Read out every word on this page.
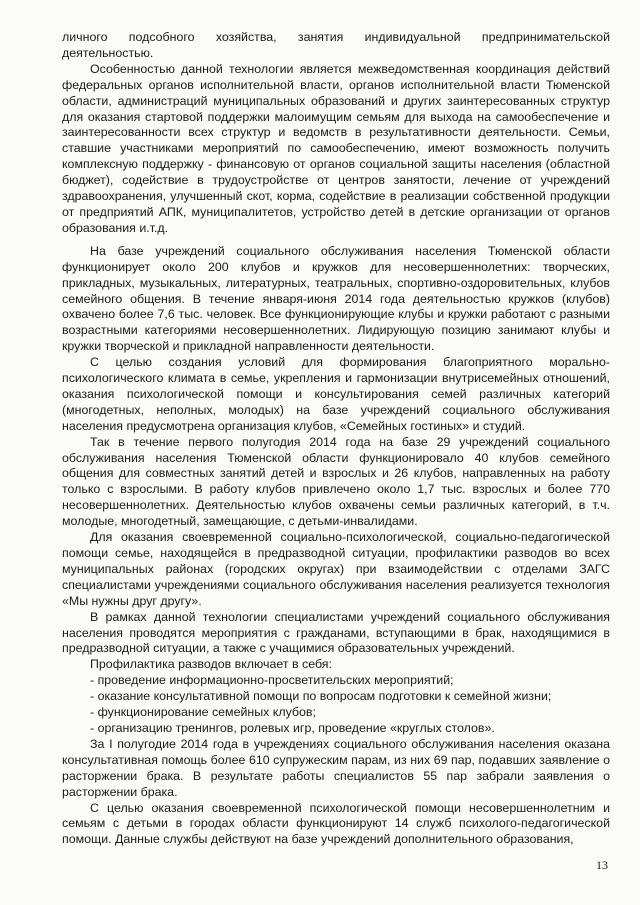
личного подсобного хозяйства, занятия индивидуальной предпринимательской деятельностью.

Особенностью данной технологии является межведомственная координация действий федеральных органов исполнительной власти, органов исполнительной власти Тюменской области, администраций муниципальных образований и других заинтересованных структур для оказания стартовой поддержки малоимущим семьям для выхода на самообеспечение и заинтересованности всех структур и ведомств в результативности деятельности. Семьи, ставшие участниками мероприятий по самообеспечению, имеют возможность получить комплексную поддержку - финансовую от органов социальной защиты населения (областной бюджет), содействие в трудоустройстве от центров занятости, лечение от учреждений здравоохранения, улучшенный скот, корма, содействие в реализации собственной продукции от предприятий АПК, муниципалитетов, устройство детей в детские организации от органов образования и.т.д.

На базе учреждений социального обслуживания населения Тюменской области функционирует около 200 клубов и кружков для несовершеннолетних: творческих, прикладных, музыкальных, литературных, театральных, спортивно-оздоровительных, клубов семейного общения. В течение января-июня 2014 года деятельностью кружков (клубов) охвачено более 7,6 тыс. человек. Все функционирующие клубы и кружки работают с разными возрастными категориями несовершеннолетних. Лидирующую позицию занимают клубы и кружки творческой и прикладной направленности деятельности.

С целью создания условий для формирования благоприятного морально-психологического климата в семье, укрепления и гармонизации внутрисемейных отношений, оказания психологической помощи и консультирования семей различных категорий (многодетных, неполных, молодых) на базе учреждений социального обслуживания населения предусмотрена организация клубов, «Семейных гостиных» и студий.

Так в течение первого полугодия 2014 года на базе 29 учреждений социального обслуживания населения Тюменской области функционировало 40 клубов семейного общения для совместных занятий детей и взрослых и 26 клубов, направленных на работу только с взрослыми. В работу клубов привлечено около 1,7 тыс. взрослых и более 770 несовершеннолетних. Деятельностью клубов охвачены семьи различных категорий, в т.ч. молодые, многодетный, замещающие, с детьми-инвалидами.

Для оказания своевременной социально-психологической, социально-педагогической помощи семье, находящейся в предразводной ситуации, профилактики разводов во всех муниципальных районах (городских округах) при взаимодействии с отделами ЗАГС специалистами учреждениями социального обслуживания населения реализуется технология «Мы нужны друг другу».

В рамках данной технологии специалистами учреждений социального обслуживания населения проводятся мероприятия с гражданами, вступающими в брак, находящимися в предразводной ситуации, а также с учащимися образовательных учреждений.

Профилактика разводов включает в себя:

- проведение информационно-просветительских мероприятий;

- оказание консультативной помощи по вопросам подготовки к семейной жизни;

- функционирование семейных клубов;

- организацию тренингов, ролевых игр, проведение «круглых столов».

За I полугодие 2014 года в учреждениях социального обслуживания населения оказана консультативная помощь более 610 супружеским парам, из них 69 пар, подавших заявление о расторжении брака. В результате работы специалистов 55 пар забрали заявления о расторжении брака.

С целью оказания своевременной психологической помощи несовершеннолетним и семьям с детьми в городах области функционируют 14 служб психолого-педагогической помощи. Данные службы действуют на базе учреждений дополнительного образования,

13
